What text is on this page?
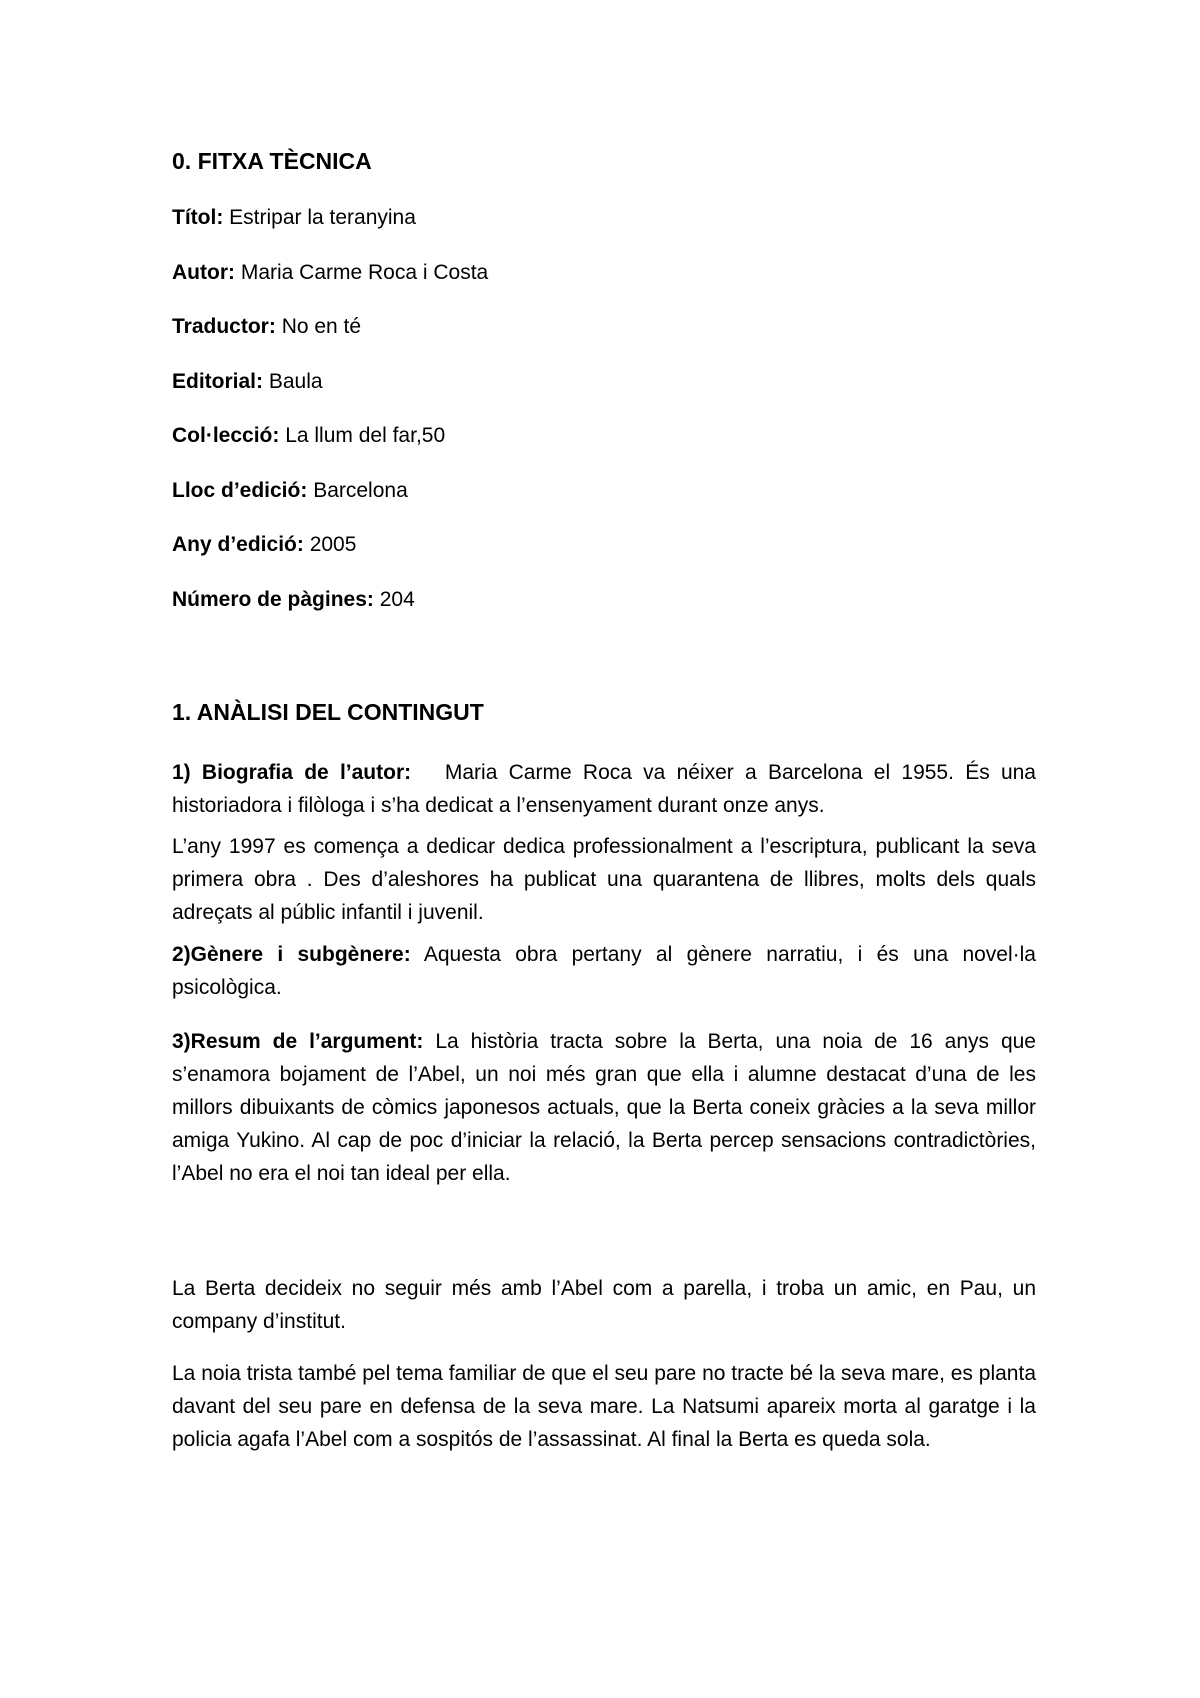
0. FITXA TÈCNICA

Títol: Estripar la teranyina

Autor: Maria Carme Roca i Costa

Traductor: No en té

Editorial: Baula

Col·lecció: La llum del far,50

Lloc d’edició: Barcelona

Any d’edició: 2005

Número de pàgines: 204

1. ANÀLISI DEL CONTINGUT

1) Biografia de l’autor: Maria Carme Roca va néixer a Barcelona el 1955. És una historiadora i filòloga i s’ha dedicat a l’ensenyament durant onze anys.

L’any 1997 es comença a dedicar dedica professionalment a l’escriptura, publicant la seva primera obra . Des d’aleshores ha publicat una quarantena de llibres, molts dels quals adreçats al públic infantil i juvenil.

2)Gènere i subgènere: Aquesta obra pertany al gènere narratiu, i és una novel·la psicològica.

3)Resum de l’argument: La història tracta sobre la Berta, una noia de 16 anys que s’enamora bojament de l’Abel, un noi més gran que ella i alumne destacat d’una de les millors dibuixants de còmics japonesos actuals, que la Berta coneix gràcies a la seva millor amiga Yukino. Al cap de poc d’iniciar la relació, la Berta percep sensacions contradictòries, l’Abel no era el noi tan ideal per ella.

La Berta decideix no seguir més amb l’Abel com a parella, i troba un amic, en Pau, un company d’institut.

La noia trista també pel tema familiar de que el seu pare no tracte bé la seva mare, es planta davant del seu pare en defensa de la seva mare. La Natsumi apareix morta al garatge i la policia agafa l’Abel com a sospitós de l’assassinat. Al final la Berta es queda sola.
